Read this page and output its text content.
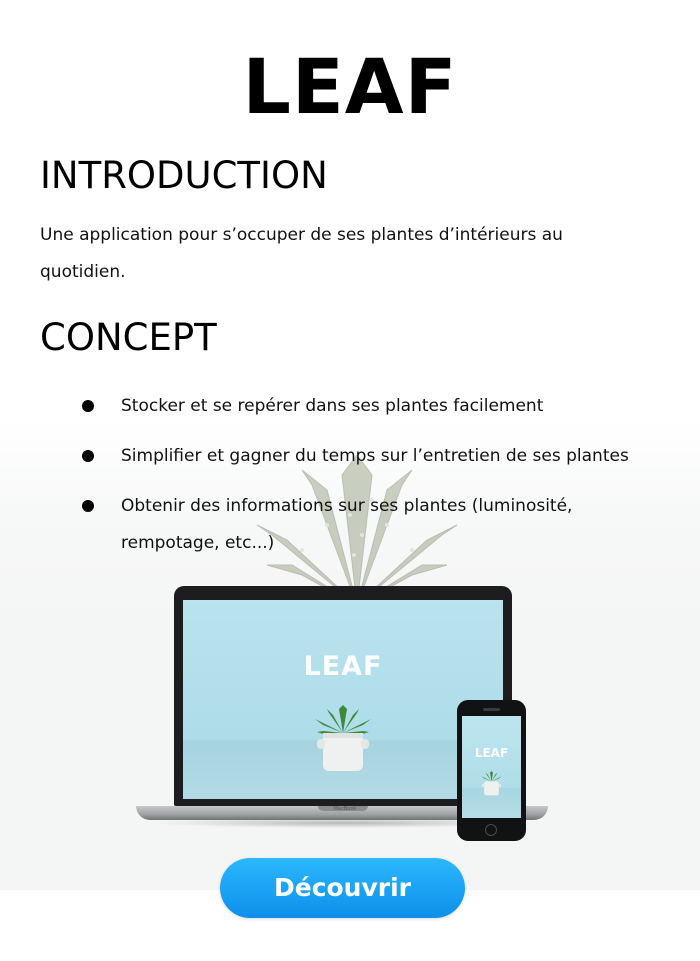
LEAF
INTRODUCTION

Une application pour s’occuper de ses plantes d’intérieurs au quotidien.

CONCEPT
Stocker et se repérer dans ses plantes facilement
Simplifier et gagner du temps sur l’entretien de ses plantes
Obtenir des informations sur ses plantes (luminosité, rempotage, etc...)
LEAF
MacBook
LEAF
Découvrir
